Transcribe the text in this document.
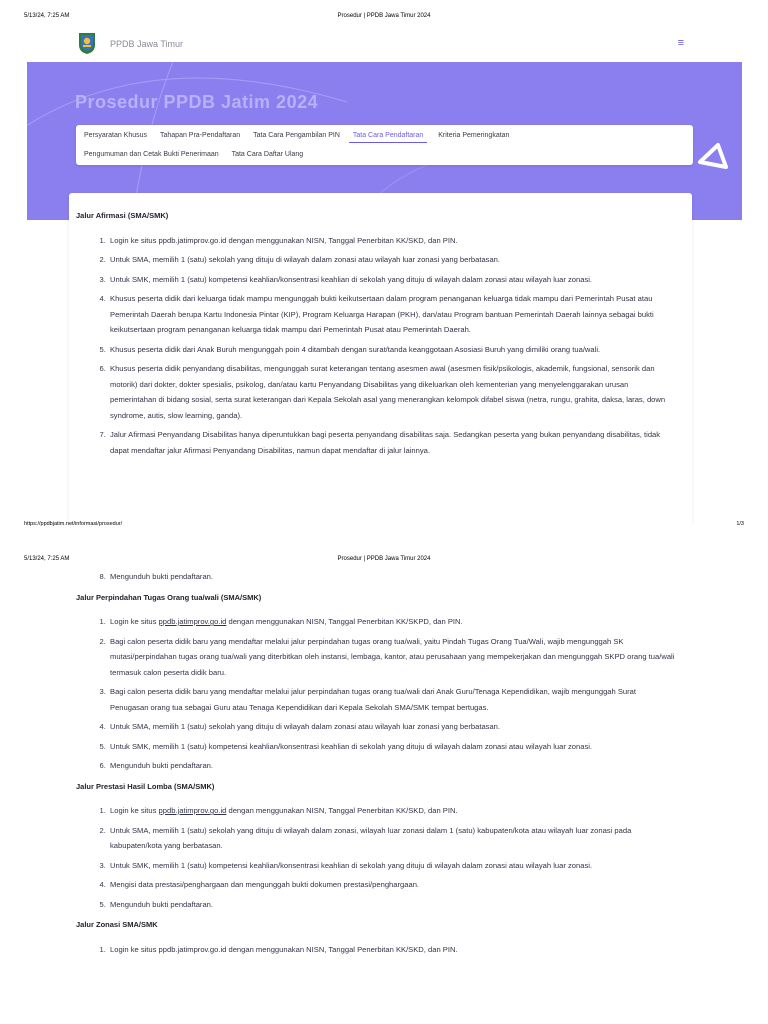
5/13/24, 7:25 AM	Prosedur | PPDB Jawa Timur 2024
PPDB Jawa Timur	≡
Prosedur PPDB Jatim 2024
Persyaratan Khusus Tahapan Pra-Pendaftaran Tata Cara Pengambilan PIN Tata Cara Pendaftaran Kriteria Pemeringkatan
Pengumuman dan Cetak Bukti Penerimaan Tata Cara Daftar Ulang
Jalur Afirmasi (SMA/SMK)
1. Login ke situs ppdb.jatimprov.go.id dengan menggunakan NISN, Tanggal Penerbitan KK/SKD, dan PIN.
2. Untuk SMA, memilih 1 (satu) sekolah yang dituju di wilayah dalam zonasi atau wilayah luar zonasi yang berbatasan.
3. Untuk SMK, memilih 1 (satu) kompetensi keahlian/konsentrasi keahlian di sekolah yang dituju di wilayah dalam zonasi atau wilayah luar zonasi.
4. Khusus peserta didik dari keluarga tidak mampu mengunggah bukti keikutsertaan dalam program penanganan keluarga tidak mampu dari Pemerintah Pusat atau Pemerintah Daerah berupa Kartu Indonesia Pintar (KIP), Program Keluarga Harapan (PKH), dan/atau Program bantuan Pemerintah Daerah lainnya sebagai bukti keikutsertaan program penanganan keluarga tidak mampu dari Pemerintah Pusat atau Pemerintah Daerah.
5. Khusus peserta didik dari Anak Buruh mengunggah poin 4 ditambah dengan surat/tanda keanggotaan Asosiasi Buruh yang dimiliki orang tua/wali.
6. Khusus peserta didik penyandang disabilitas, mengunggah surat keterangan tentang asesmen awal (asesmen fisik/psikologis, akademik, fungsional, sensorik dan motorik) dari dokter, dokter spesialis, psikolog, dan/atau kartu Penyandang Disabilitas yang dikeluarkan oleh kementerian yang menyelenggarakan urusan pemerintahan di bidang sosial, serta surat keterangan dari Kepala Sekolah asal yang menerangkan kelompok difabel siswa (netra, rungu, grahita, daksa, laras, down syndrome, autis, slow learning, ganda).
7. Jalur Afirmasi Penyandang Disabilitas hanya diperuntukkan bagi peserta penyandang disabilitas saja. Sedangkan peserta yang bukan penyandang disabilitas, tidak dapat mendaftar jalur Afirmasi Penyandang Disabilitas, namun dapat mendaftar di jalur lainnya.
https://ppdbjatim.net/informasi/prosedur/	1/3
5/13/24, 7:25 AM	Prosedur | PPDB Jawa Timur 2024
8. Mengunduh bukti pendaftaran.
Jalur Perpindahan Tugas Orang tua/wali (SMA/SMK)
1. Login ke situs ppdb.jatimprov.go.id dengan menggunakan NISN, Tanggal Penerbitan KK/SKPD, dan PIN.
2. Bagi calon peserta didik baru yang mendaftar melalui jalur perpindahan tugas orang tua/wali, yaitu Pindah Tugas Orang Tua/Wali, wajib mengunggah SK mutasi/perpindahan tugas orang tua/wali yang diterbitkan oleh instansi, lembaga, kantor, atau perusahaan yang mempekerjakan dan mengunggah SKPD orang tua/wali termasuk calon peserta didik baru.
3. Bagi calon peserta didik baru yang mendaftar melalui jalur perpindahan tugas orang tua/wali dari Anak Guru/Tenaga Kependidikan, wajib mengunggah Surat Penugasan orang tua sebagai Guru atau Tenaga Kependidikan dari Kepala Sekolah SMA/SMK tempat bertugas.
4. Untuk SMA, memilih 1 (satu) sekolah yang dituju di wilayah dalam zonasi atau wilayah luar zonasi yang berbatasan.
5. Untuk SMK, memilih 1 (satu) kompetensi keahlian/konsentrasi keahlian di sekolah yang dituju di wilayah dalam zonasi atau wilayah luar zonasi.
6. Mengunduh bukti pendaftaran.
Jalur Prestasi Hasil Lomba (SMA/SMK)
1. Login ke situs ppdb.jatimprov.go.id dengan menggunakan NISN, Tanggal Penerbitan KK/SKD, dan PIN.
2. Untuk SMA, memilih 1 (satu) sekolah yang dituju di wilayah dalam zonasi, wilayah luar zonasi dalam 1 (satu) kabupaten/kota atau wilayah luar zonasi pada kabupaten/kota yang berbatasan.
3. Untuk SMK, memilih 1 (satu) kompetensi keahlian/konsentrasi keahlian di sekolah yang dituju di wilayah dalam zonasi atau wilayah luar zonasi.
4. Mengisi data prestasi/penghargaan dan mengunggah bukti dokumen prestasi/penghargaan.
5. Mengunduh bukti pendaftaran.
Jalur Zonasi SMA/SMK
1. Login ke situs ppdb.jatimprov.go.id dengan menggunakan NISN, Tanggal Penerbitan KK/SKD, dan PIN.
